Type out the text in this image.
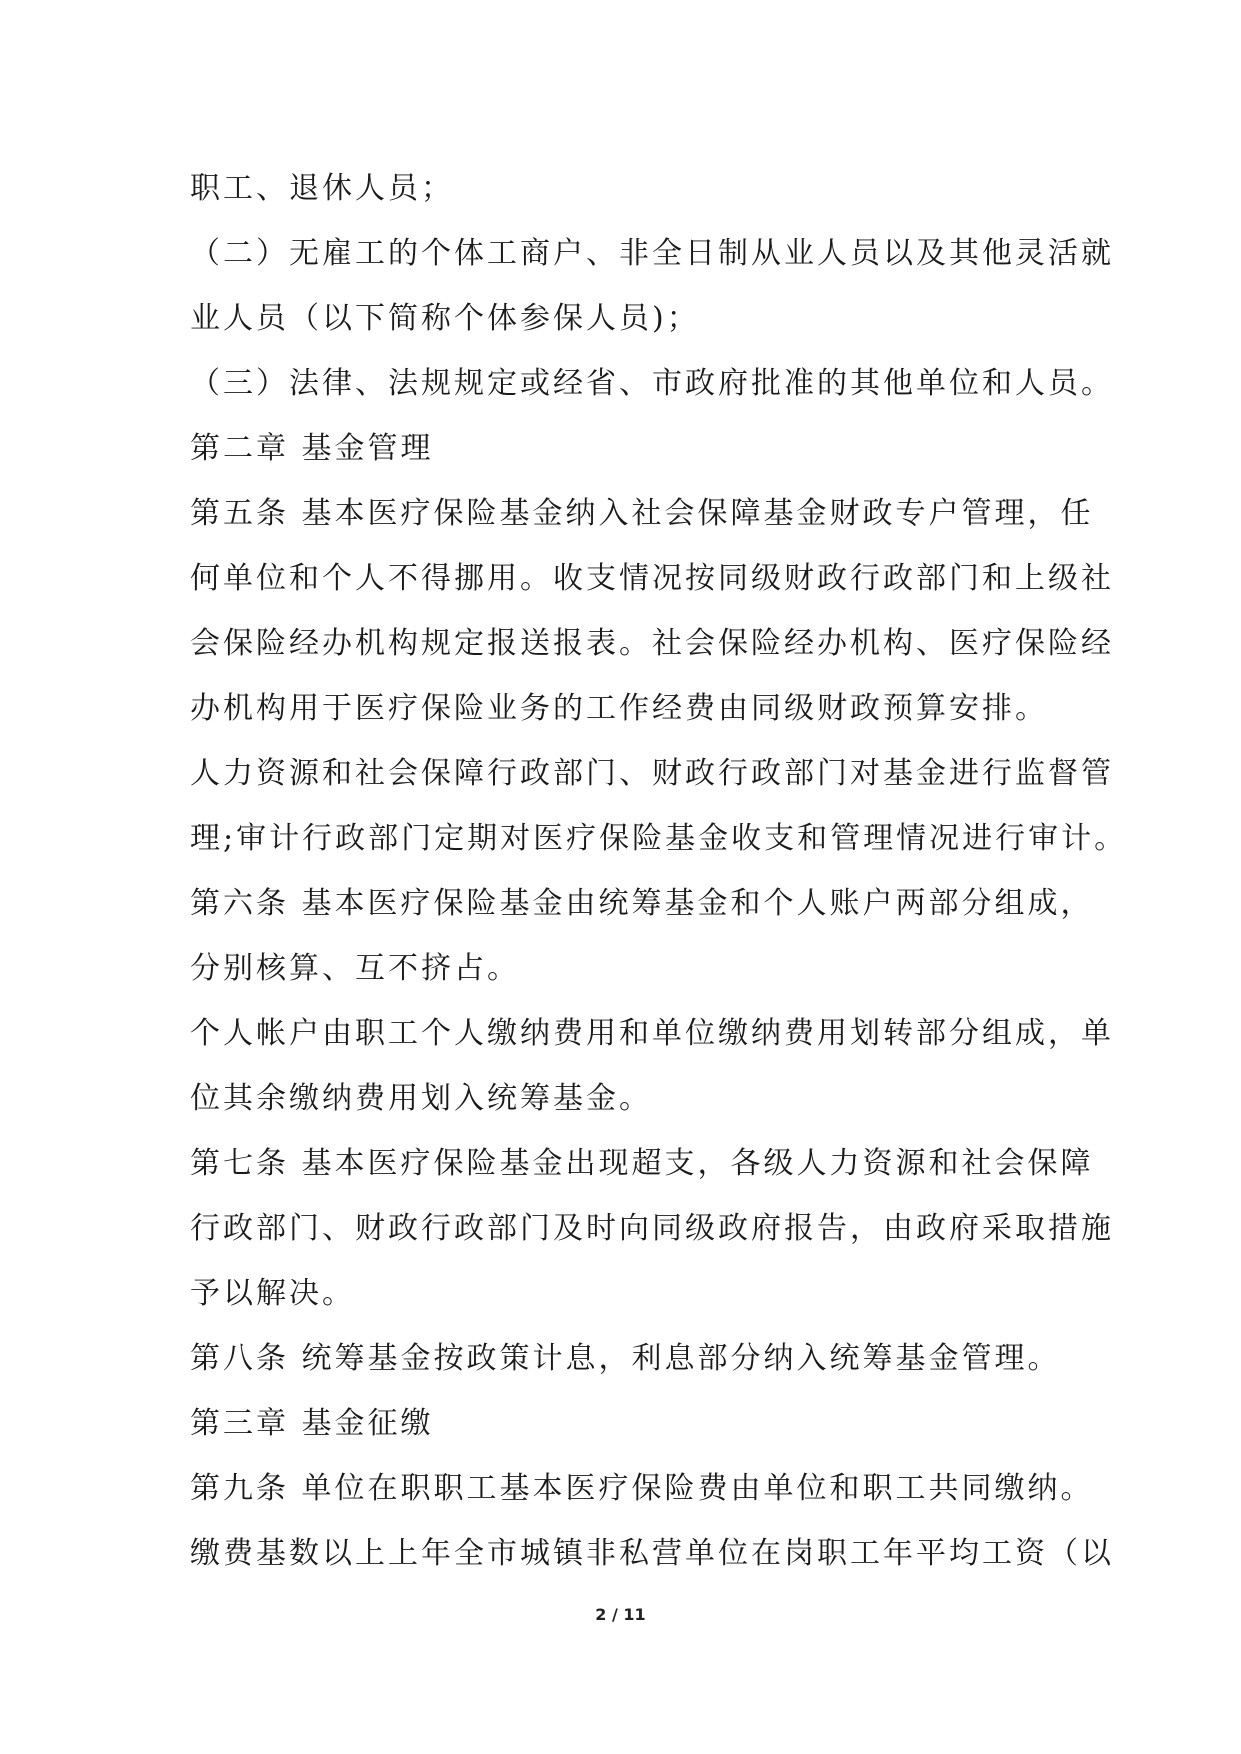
职工、退休人员；
（二）无雇工的个体工商户、非全日制从业人员以及其他灵活就
业人员（以下简称个体参保人员)；
（三）法律、法规规定或经省、市政府批准的其他单位和人员。
第二章 基金管理
第五条 基本医疗保险基金纳入社会保障基金财政专户管理，任
何单位和个人不得挪用。收支情况按同级财政行政部门和上级社
会保险经办机构规定报送报表。社会保险经办机构、医疗保险经
办机构用于医疗保险业务的工作经费由同级财政预算安排。
人力资源和社会保障行政部门、财政行政部门对基金进行监督管
理;审计行政部门定期对医疗保险基金收支和管理情况进行审计。
第六条 基本医疗保险基金由统筹基金和个人账户两部分组成，
分别核算、互不挤占。
个人帐户由职工个人缴纳费用和单位缴纳费用划转部分组成，单
位其余缴纳费用划入统筹基金。
第七条 基本医疗保险基金出现超支，各级人力资源和社会保障
行政部门、财政行政部门及时向同级政府报告，由政府采取措施
予以解决。
第八条 统筹基金按政策计息，利息部分纳入统筹基金管理。
第三章 基金征缴
第九条 单位在职职工基本医疗保险费由单位和职工共同缴纳。
缴费基数以上上年全市城镇非私营单位在岗职工年平均工资（以
2 / 11
